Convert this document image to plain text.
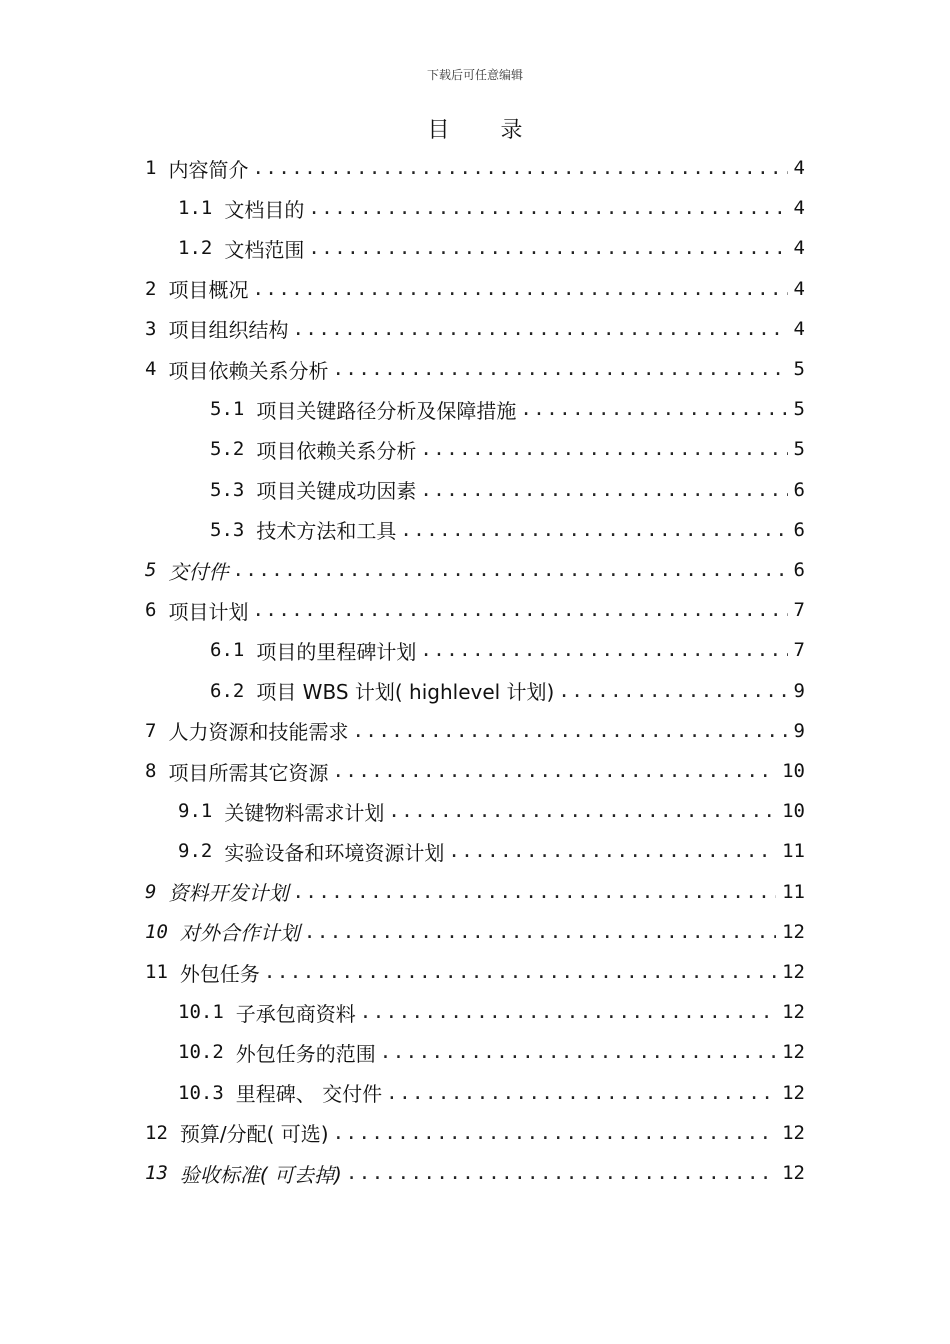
下载后可任意编辑
目 录
1 内容简介 .....	4
1.1 文档目的 .....	4
1.2 文档范围 .....	4
2 项目概况 .....	4
3 项目组织结构 .....	4
4 项目依赖关系分析 .....	5
5.1 项目关键路径分析及保障措施 .....	5
5.2 项目依赖关系分析 .....	5
5.3 项目关键成功因素 .....	6
5.3 技术方法和工具 .....	6
5 交付件 .....	6
6 项目计划 .....	7
6.1 项目的里程碑计划 .....	7
6.2 项目 WBS 计划( highlevel 计划) .....	9
7 人力资源和技能需求 .....	9
8 项目所需其它资源 .....	10
9.1 关键物料需求计划 .....	10
9.2 实验设备和环境资源计划 .....	11
9 资料开发计划 .....	11
10 对外合作计划 .....	12
11 外包任务 .....	12
10.1 子承包商资料 .....	12
10.2 外包任务的范围 .....	12
10.3 里程碑、 交付件 .....	12
12 预算/分配( 可选) .....	12
13 验收标准( 可去掉) .....	12
